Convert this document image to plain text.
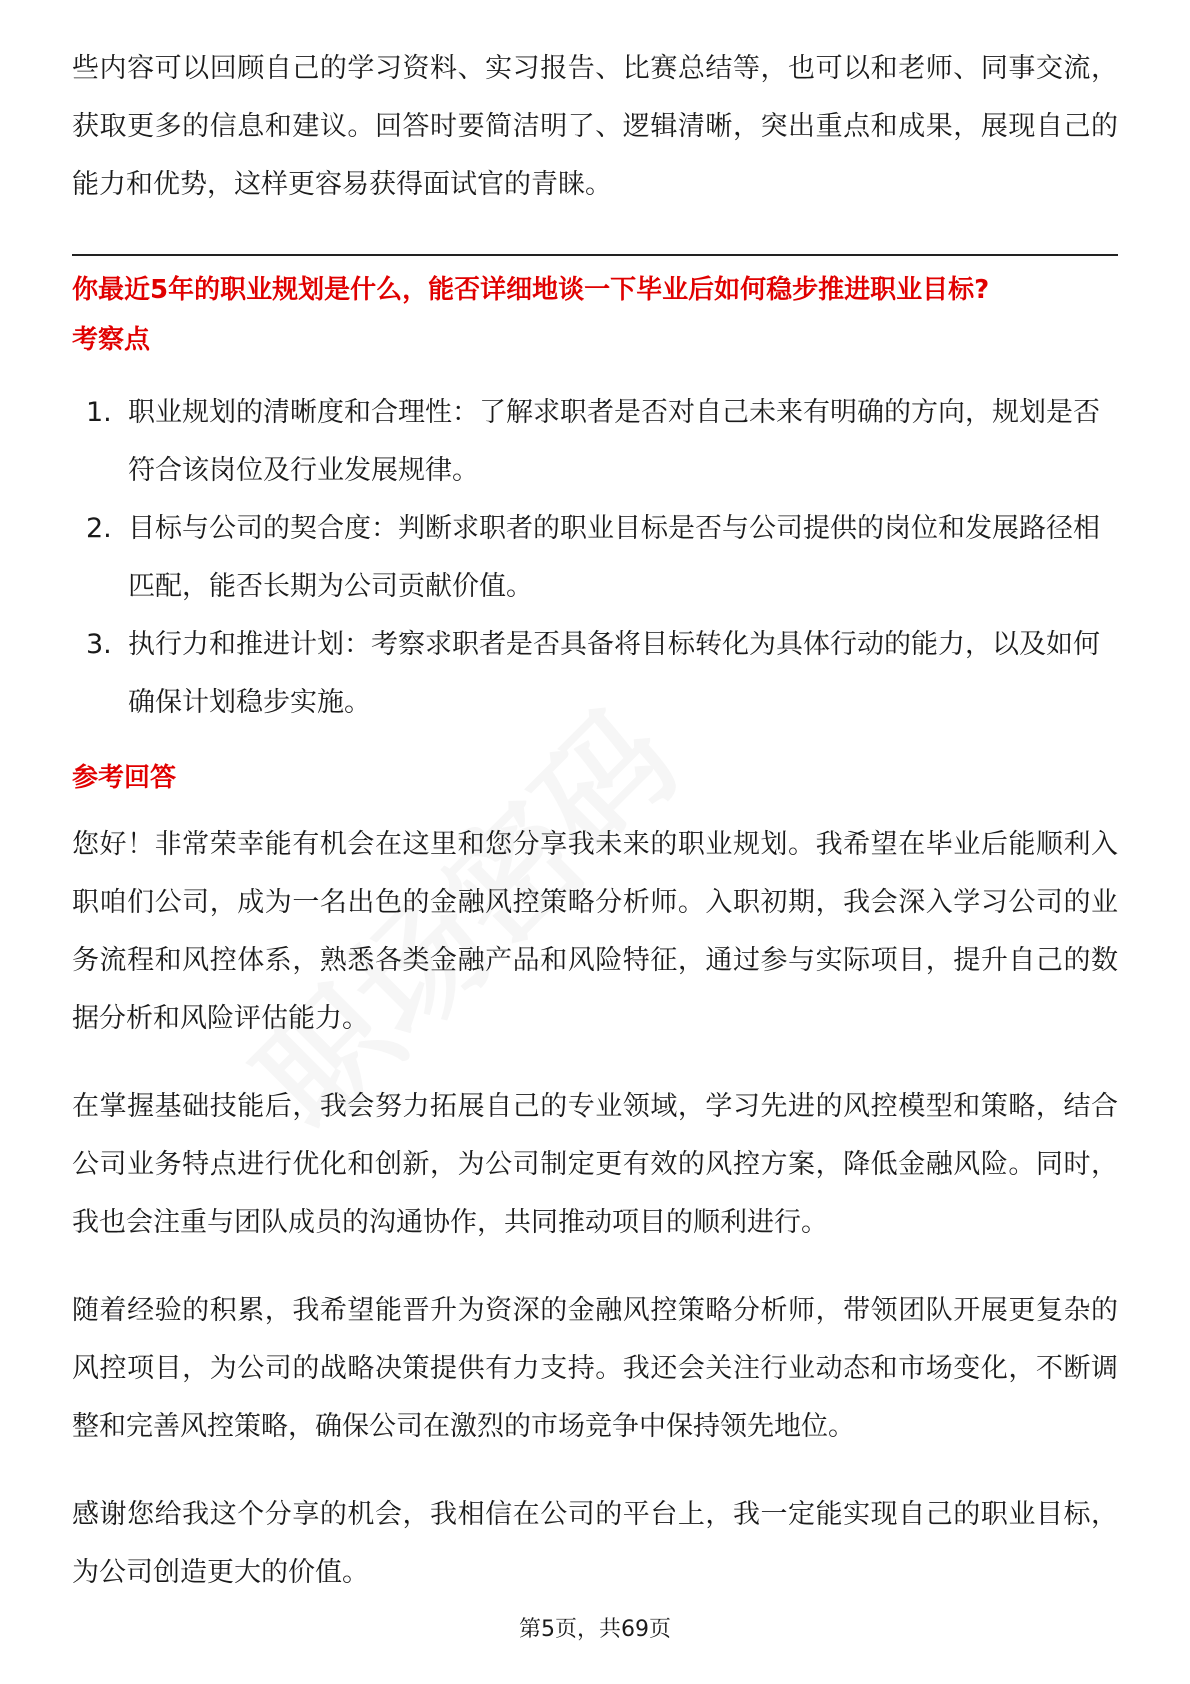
些内容可以回顾自己的学习资料、实习报告、比赛总结等，也可以和老师、同事交流，获取更多的信息和建议。回答时要简洁明了、逻辑清晰，突出重点和成果，展现自己的能力和优势，这样更容易获得面试官的青睐。

你最近5年的职业规划是什么，能否详细地谈一下毕业后如何稳步推进职业目标?

考察点

1. 职业规划的清晰度和合理性：了解求职者是否对自己未来有明确的方向，规划是否符合该岗位及行业发展规律。
2. 目标与公司的契合度：判断求职者的职业目标是否与公司提供的岗位和发展路径相匹配，能否长期为公司贡献价值。
3. 执行力和推进计划：考察求职者是否具备将目标转化为具体行动的能力，以及如何确保计划稳步实施。

参考回答

您好！非常荣幸能有机会在这里和您分享我未来的职业规划。我希望在毕业后能顺利入职咱们公司，成为一名出色的金融风控策略分析师。入职初期，我会深入学习公司的业务流程和风控体系，熟悉各类金融产品和风险特征，通过参与实际项目，提升自己的数据分析和风险评估能力。

在掌握基础技能后，我会努力拓展自己的专业领域，学习先进的风控模型和策略，结合公司业务特点进行优化和创新，为公司制定更有效的风控方案，降低金融风险。同时，我也会注重与团队成员的沟通协作，共同推动项目的顺利进行。

随着经验的积累，我希望能晋升为资深的金融风控策略分析师，带领团队开展更复杂的风控项目，为公司的战略决策提供有力支持。我还会关注行业动态和市场变化，不断调整和完善风控策略，确保公司在激烈的市场竞争中保持领先地位。

感谢您给我这个分享的机会，我相信在公司的平台上，我一定能实现自己的职业目标，为公司创造更大的价值。

第5页，共69页
